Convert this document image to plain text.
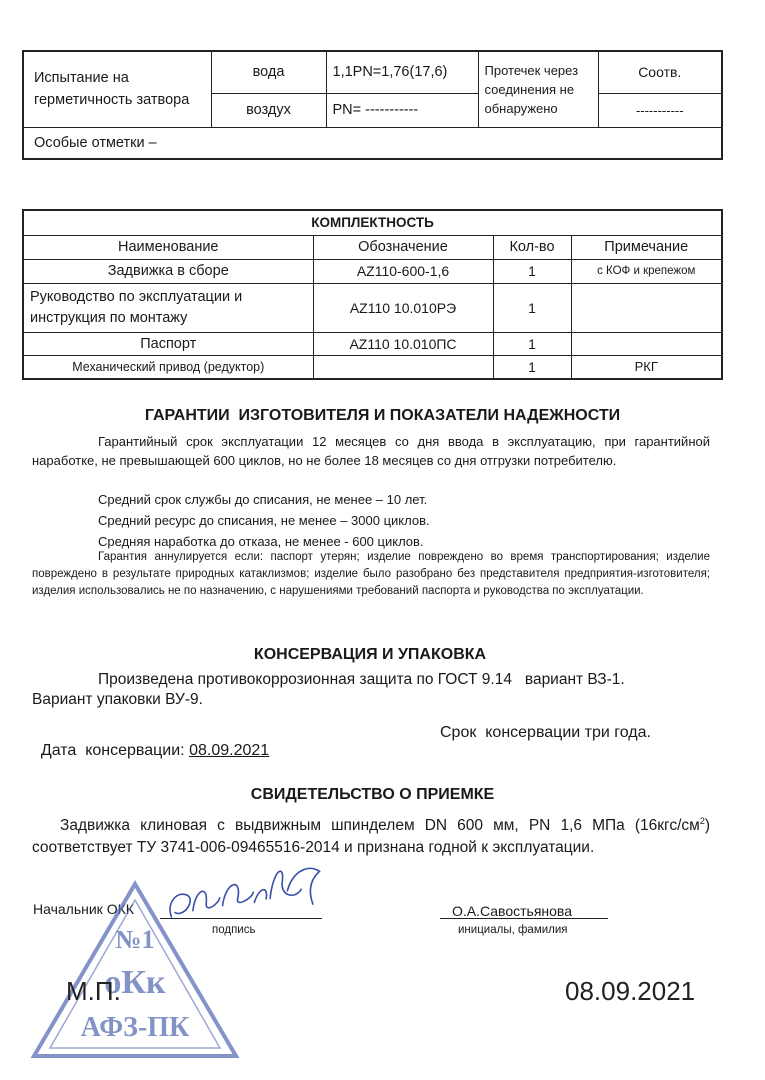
Испытание на герметичность затвора	вода	1,1PN=1,76(17,6)	Протечек через соединения не обнаружено	Соотв.
	воздух	PN= -----------		-----------
Особые отметки –				
КОМПЛЕКТНОСТЬ			
Наименование	Обозначение	Кол-во	Примечание
Задвижка в сборе	AZ110-600-1,6	1	с КОФ и крепежом
Руководство по эксплуатации и инструкция по монтажу	AZ110 10.010РЭ	1	
Паспорт	AZ110 10.010ПС	1	
Механический привод (редуктор)		1	РКГ
ГАРАНТИИ  ИЗГОТОВИТЕЛЯ И ПОКАЗАТЕЛИ НАДЕЖНОСТИ
Гарантийный срок эксплуатации 12 месяцев со дня ввода в эксплуатацию, при гарантийной наработке, не превышающей 600 циклов, но не более 18 месяцев со дня отгрузки потребителю.
Средний срок службы до списания, не менее – 10 лет.
Средний ресурс до списания, не менее – 3000 циклов.
Средняя наработка до отказа, не менее - 600 циклов.
Гарантия аннулируется если: паспорт утерян; изделие повреждено во время транспортирования; изделие повреждено в результате природных катаклизмов; изделие было разобрано без представителя предприятия-изготовителя; изделия использовались не по назначению, с нарушениями требований паспорта и руководства по эксплуатации.
КОНСЕРВАЦИЯ И УПАКОВКА
Произведена противокоррозионная защита по ГОСТ 9.14   вариант ВЗ-1.
Вариант упаковки ВУ-9.

Дата  консервации: 08.09.2021

Срок  консервации три года.
СВИДЕТЕЛЬСТВО О ПРИЕМКЕ
Задвижка клиновая с выдвижным шпинделем DN 600 мм, PN 1,6 МПа $(16кгс/см^2)$ соответствует ТУ 3741-006-09465516-2014 и признана годной к эксплуатации.
Начальник ОКК
подпись
О.А.Савостьянова
инициалы, фамилия
№1
оКк
АФЗ-ПК
М.П.	08.09.2021
